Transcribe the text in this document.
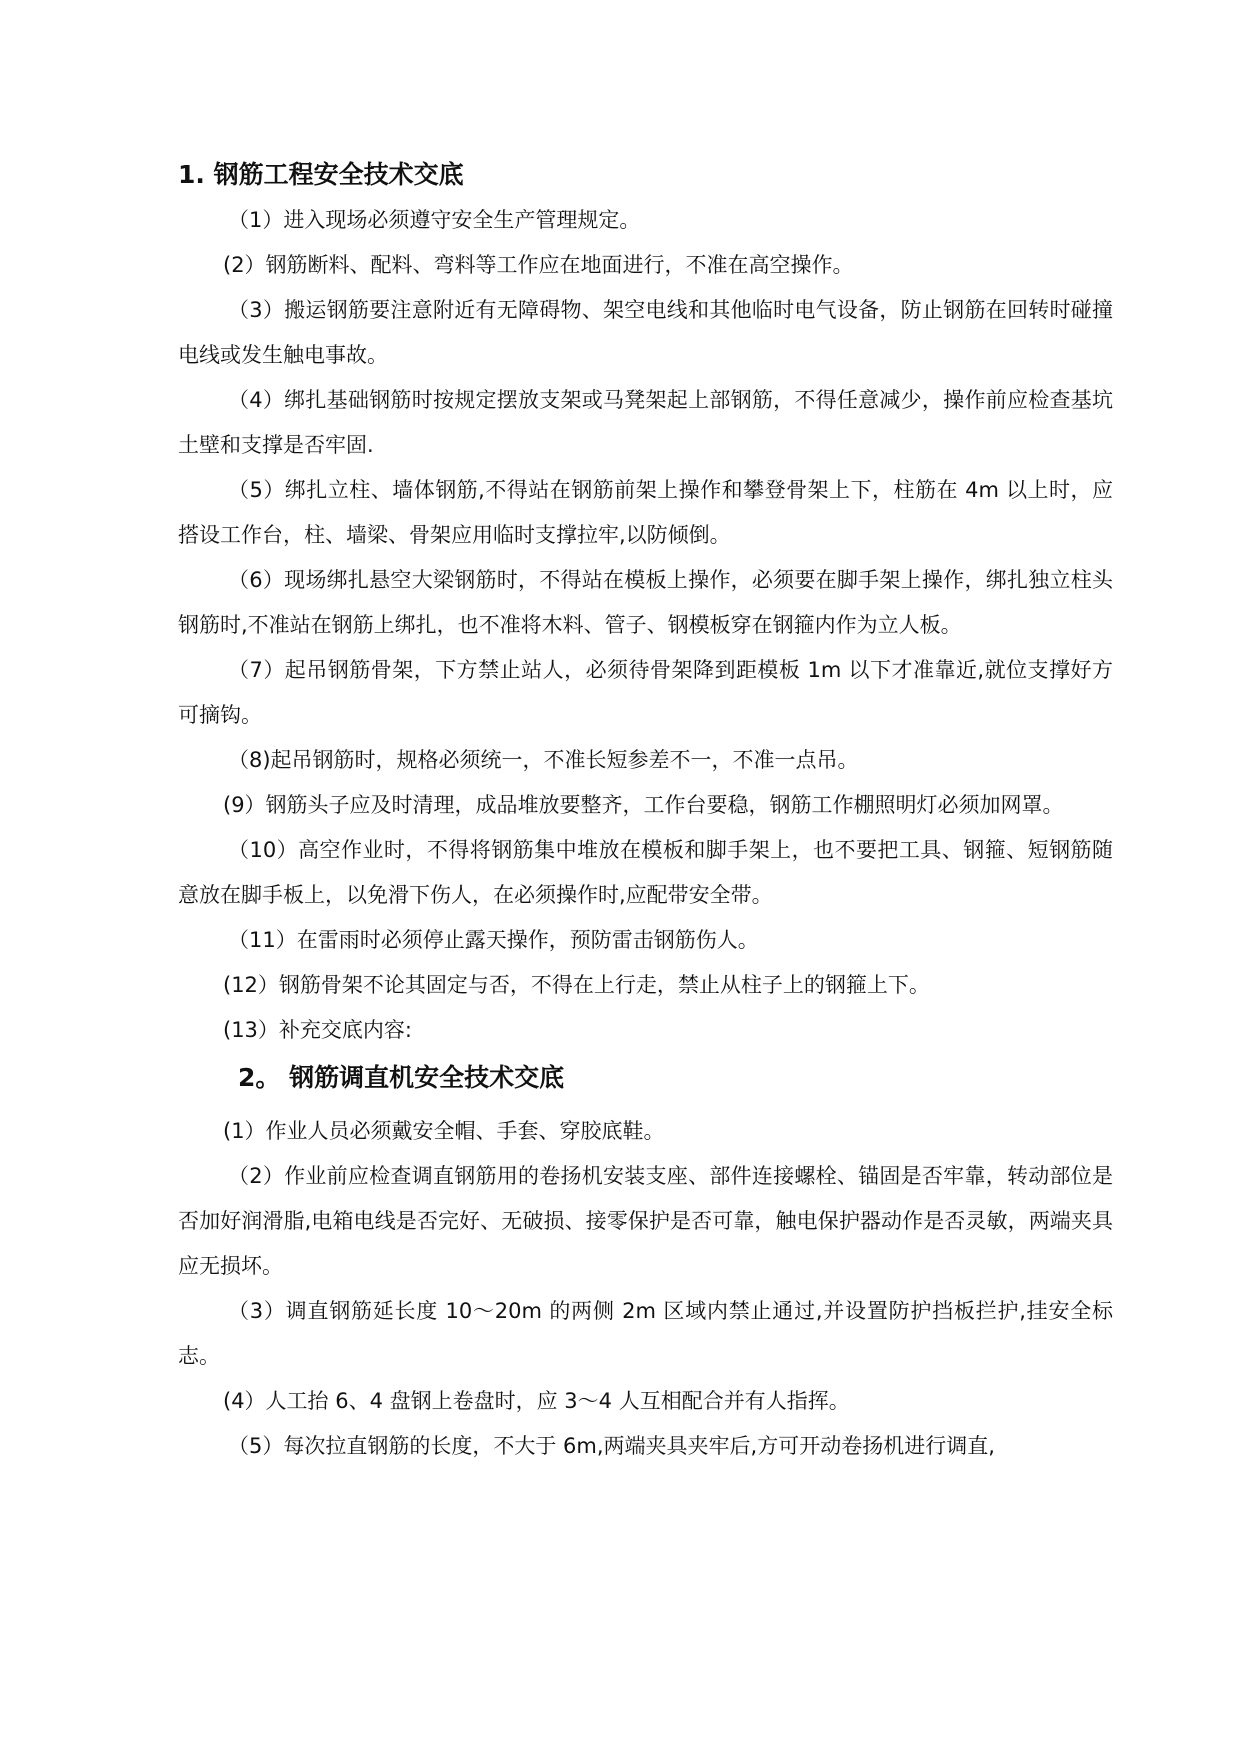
1. 钢筋工程安全技术交底

（1）进入现场必须遵守安全生产管理规定。

(2）钢筋断料、配料、弯料等工作应在地面进行，不准在高空操作。

（3）搬运钢筋要注意附近有无障碍物、架空电线和其他临时电气设备，防止钢筋在回转时碰撞电线或发生触电事故。

（4）绑扎基础钢筋时按规定摆放支架或马凳架起上部钢筋，不得任意减少，操作前应检查基坑土壁和支撑是否牢固.

（5）绑扎立柱、墙体钢筋,不得站在钢筋前架上操作和攀登骨架上下，柱筋在 4m 以上时，应搭设工作台，柱、墙梁、骨架应用临时支撑拉牢,以防倾倒。

（6）现场绑扎悬空大梁钢筋时，不得站在模板上操作，必须要在脚手架上操作，绑扎独立柱头钢筋时,不准站在钢筋上绑扎，也不准将木料、管子、钢模板穿在钢箍内作为立人板。

（7）起吊钢筋骨架，下方禁止站人，必须待骨架降到距模板 1m 以下才准靠近,就位支撑好方可摘钩。

（8)起吊钢筋时，规格必须统一，不准长短参差不一，不准一点吊。

(9）钢筋头子应及时清理，成品堆放要整齐，工作台要稳，钢筋工作棚照明灯必须加网罩。

（10）高空作业时，不得将钢筋集中堆放在模板和脚手架上，也不要把工具、钢箍、短钢筋随意放在脚手板上，以免滑下伤人，在必须操作时,应配带安全带。

（11）在雷雨时必须停止露天操作，预防雷击钢筋伤人。

(12）钢筋骨架不论其固定与否，不得在上行走，禁止从柱子上的钢箍上下。

(13）补充交底内容:

2。 钢筋调直机安全技术交底

(1）作业人员必须戴安全帽、手套、穿胶底鞋。

（2）作业前应检查调直钢筋用的卷扬机安装支座、部件连接螺栓、锚固是否牢靠，转动部位是否加好润滑脂,电箱电线是否完好、无破损、接零保护是否可靠，触电保护器动作是否灵敏，两端夹具应无损坏。

（3）调直钢筋延长度 10～20m 的两侧 2m 区域内禁止通过,并设置防护挡板拦护,挂安全标志。

(4）人工抬 6、4 盘钢上卷盘时，应 3～4 人互相配合并有人指挥。

（5）每次拉直钢筋的长度，不大于 6m,两端夹具夹牢后,方可开动卷扬机进行调直,
